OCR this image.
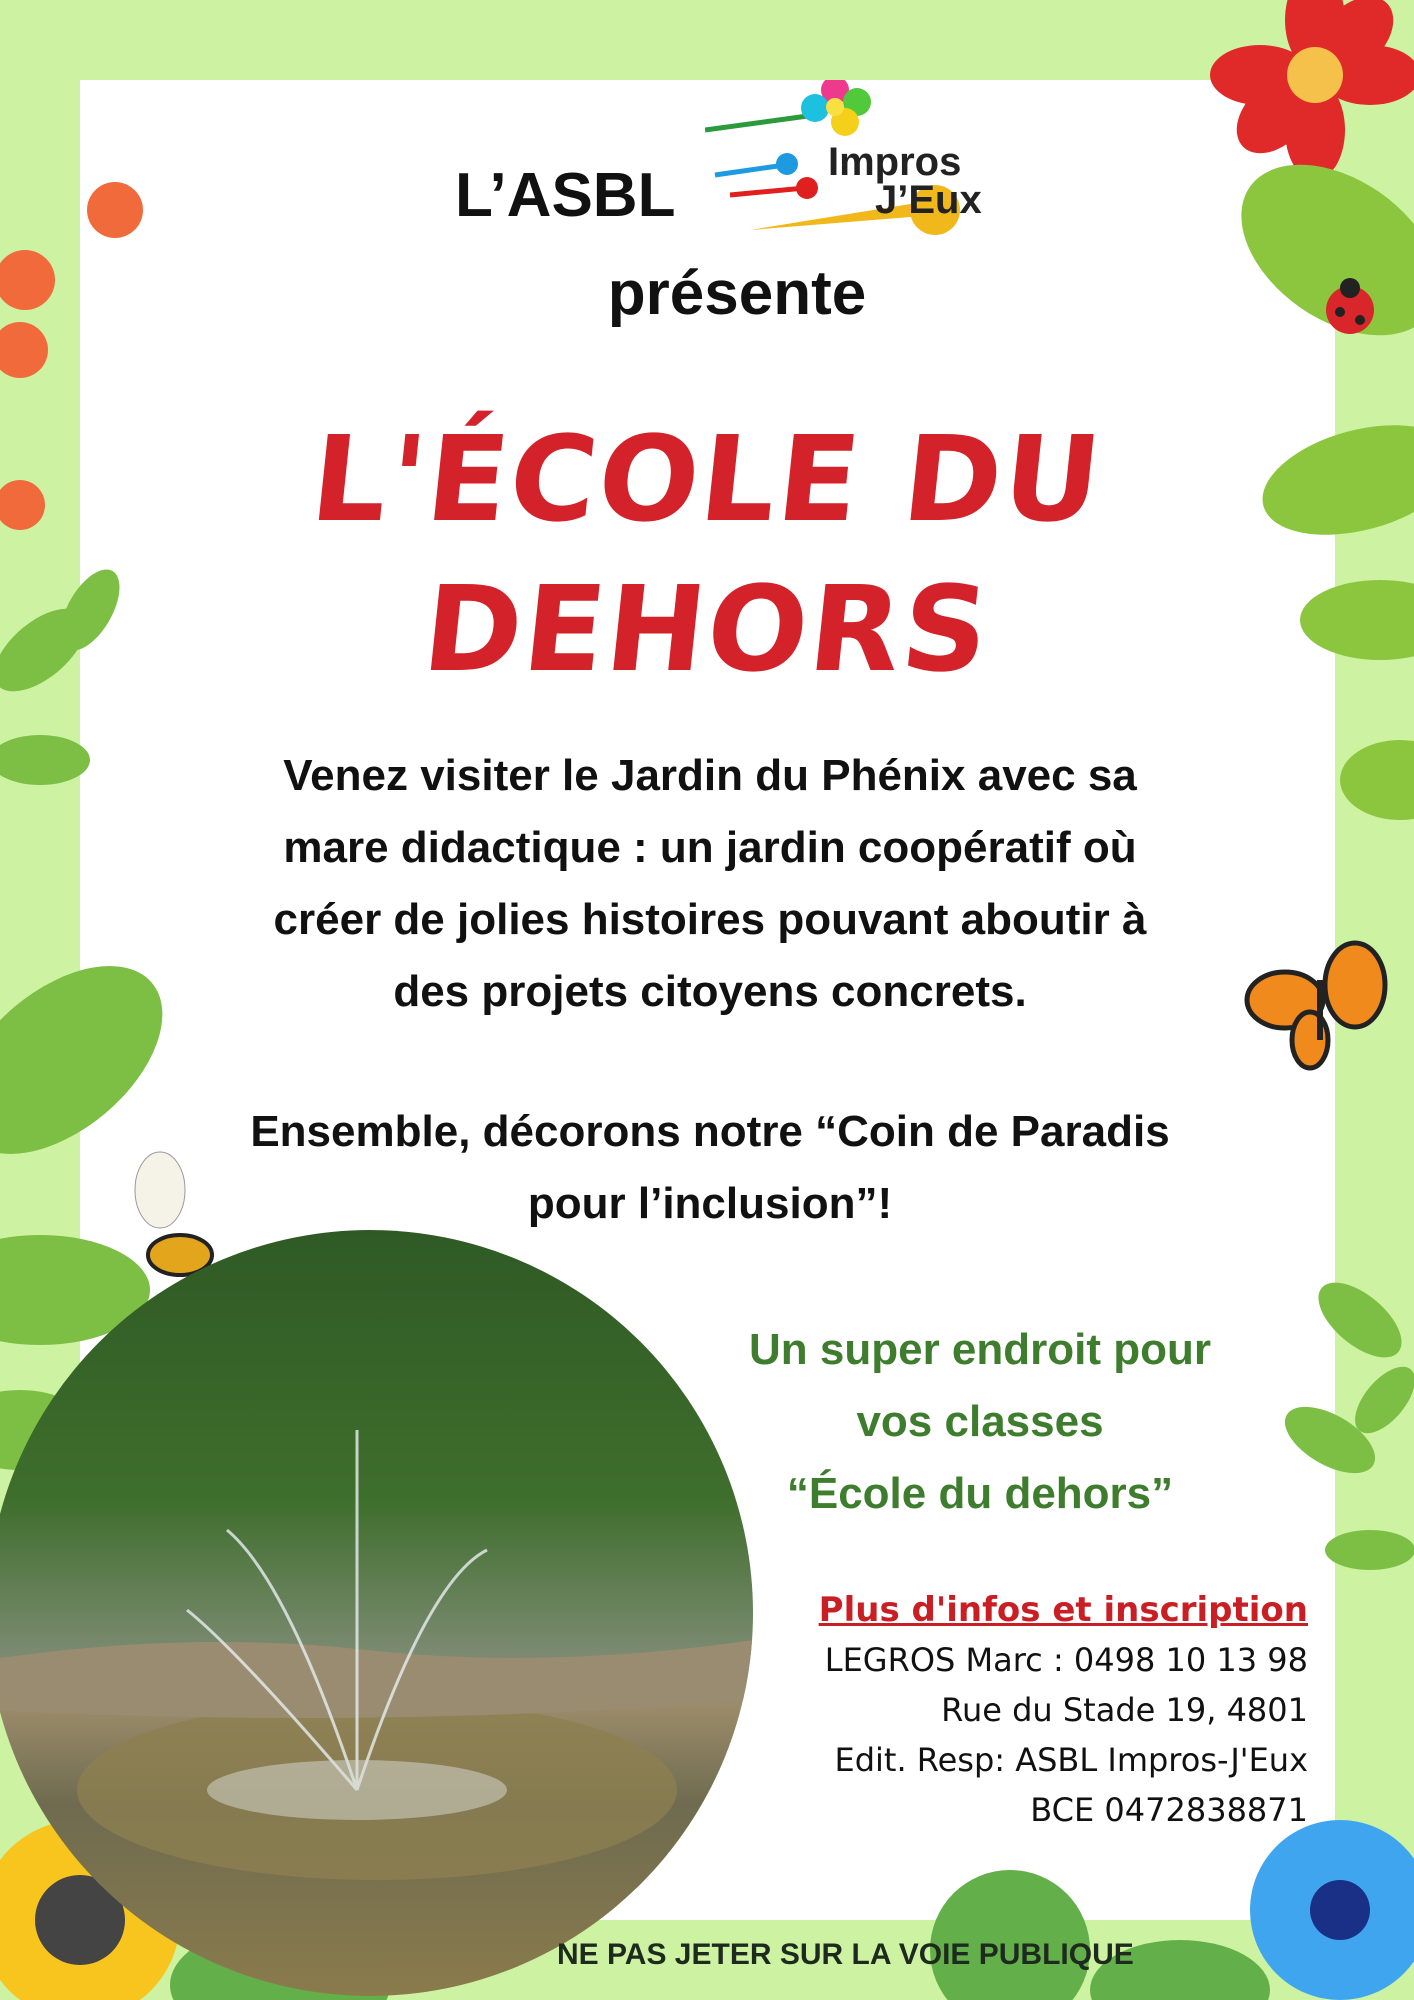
L’ASBL	Impros
J’Eux
présente
L'ÉCOLE DU
DEHORS
Venez visiter le Jardin du Phénix avec sa
mare didactique : un jardin coopératif où
créer de jolies histoires pouvant aboutir à
des projets citoyens concrets.
Ensemble, décorons notre “Coin de Paradis
pour l’inclusion”!
Un super endroit pour
vos classes
“École du dehors”
Plus d'infos et inscription
LEGROS Marc : 0498 10 13 98
Rue du Stade 19, 4801
Edit. Resp: ASBL Impros-J'Eux
BCE 0472838871
NE PAS JETER SUR LA VOIE PUBLIQUE
